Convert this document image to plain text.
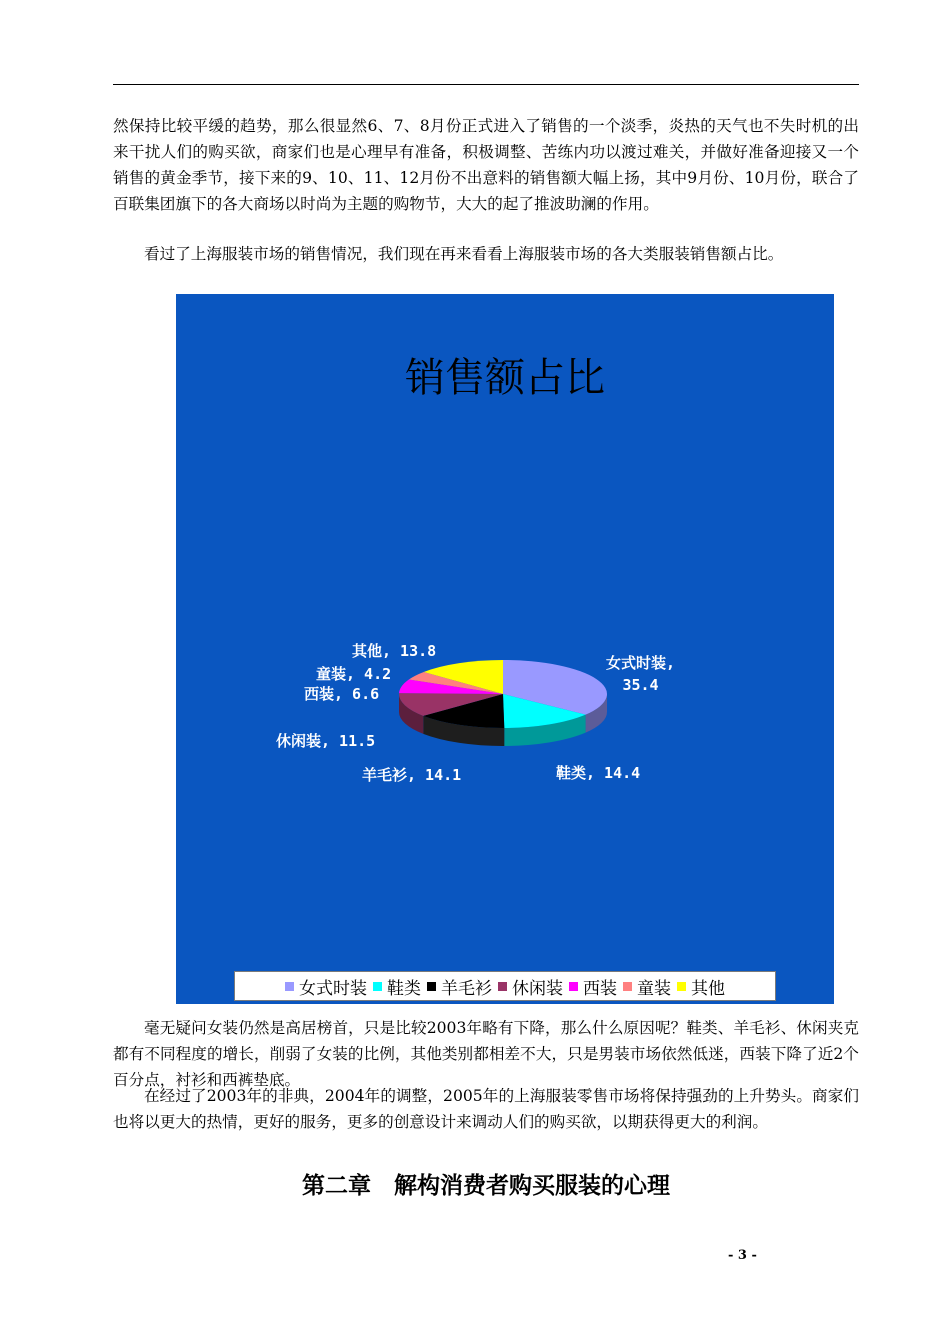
然保持比较平缓的趋势，那么很显然6、7、8月份正式进入了销售的一个淡季，炎热的天气也不失时机的出来干扰人们的购买欲，商家们也是心理早有准备，积极调整、苦练内功以渡过难关，并做好准备迎接又一个销售的黄金季节，接下来的9、10、11、12月份不出意料的销售额大幅上扬，其中9月份、10月份，联合了百联集团旗下的各大商场以时尚为主题的购物节，大大的起了推波助澜的作用。

看过了上海服装市场的销售情况，我们现在再来看看上海服装市场的各大类服装销售额占比。

销售额占比
女式时装,
35.4
鞋类, 14.4
羊毛衫, 14.1
休闲装, 11.5
西装, 6.6
童装, 4.2
其他, 13.8
女式时装 鞋类 羊毛衫 休闲装 西装 童装 其他

毫无疑问女装仍然是高居榜首，只是比较2003年略有下降，那么什么原因呢？鞋类、羊毛衫、休闲夹克都有不同程度的增长，削弱了女装的比例，其他类别都相差不大，只是男装市场依然低迷，西装下降了近2个百分点，衬衫和西裤垫底。

在经过了2003年的非典，2004年的调整，2005年的上海服装零售市场将保持强劲的上升势头。商家们也将以更大的热情，更好的服务，更多的创意设计来调动人们的购买欲，以期获得更大的利润。

第二章　解构消费者购买服装的心理
- 3 -
